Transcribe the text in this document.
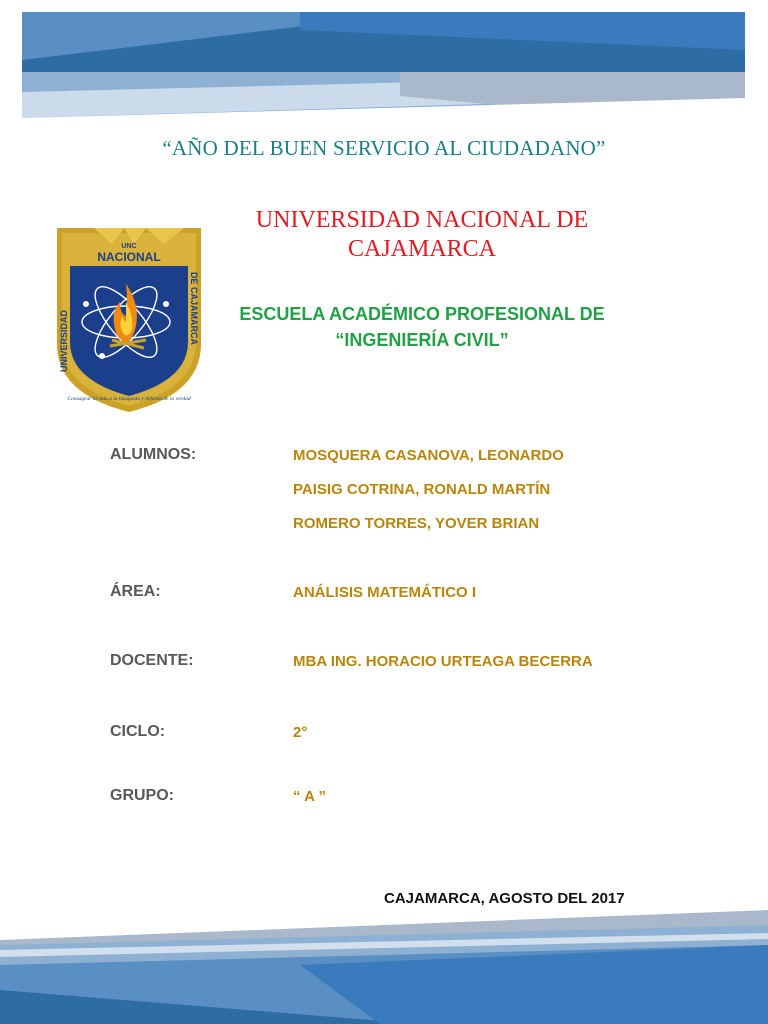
“AÑO DEL BUEN SERVICIO AL CIUDADANO”
UNIVERSIDAD NACIONAL DE
CAJAMARCA
ESCUELA ACADÉMICO PROFESIONAL DE
“INGENIERÍA CIVIL”
UNC
NACIONAL
UNIVERSIDAD	DE CAJAMARCA
Consagrar la vida a la búsqueda y defensa de la verdad
ALUMNOS:	MOSQUERA CASANOVA, LEONARDO
PAISIG COTRINA, RONALD MARTÍN
ROMERO TORRES, YOVER BRIAN
ÁREA:	ANÁLISIS MATEMÁTICO I
DOCENTE:	MBA ING. HORACIO URTEAGA BECERRA
CICLO:	2°
GRUPO:	“ A ”
CAJAMARCA, AGOSTO DEL 2017
